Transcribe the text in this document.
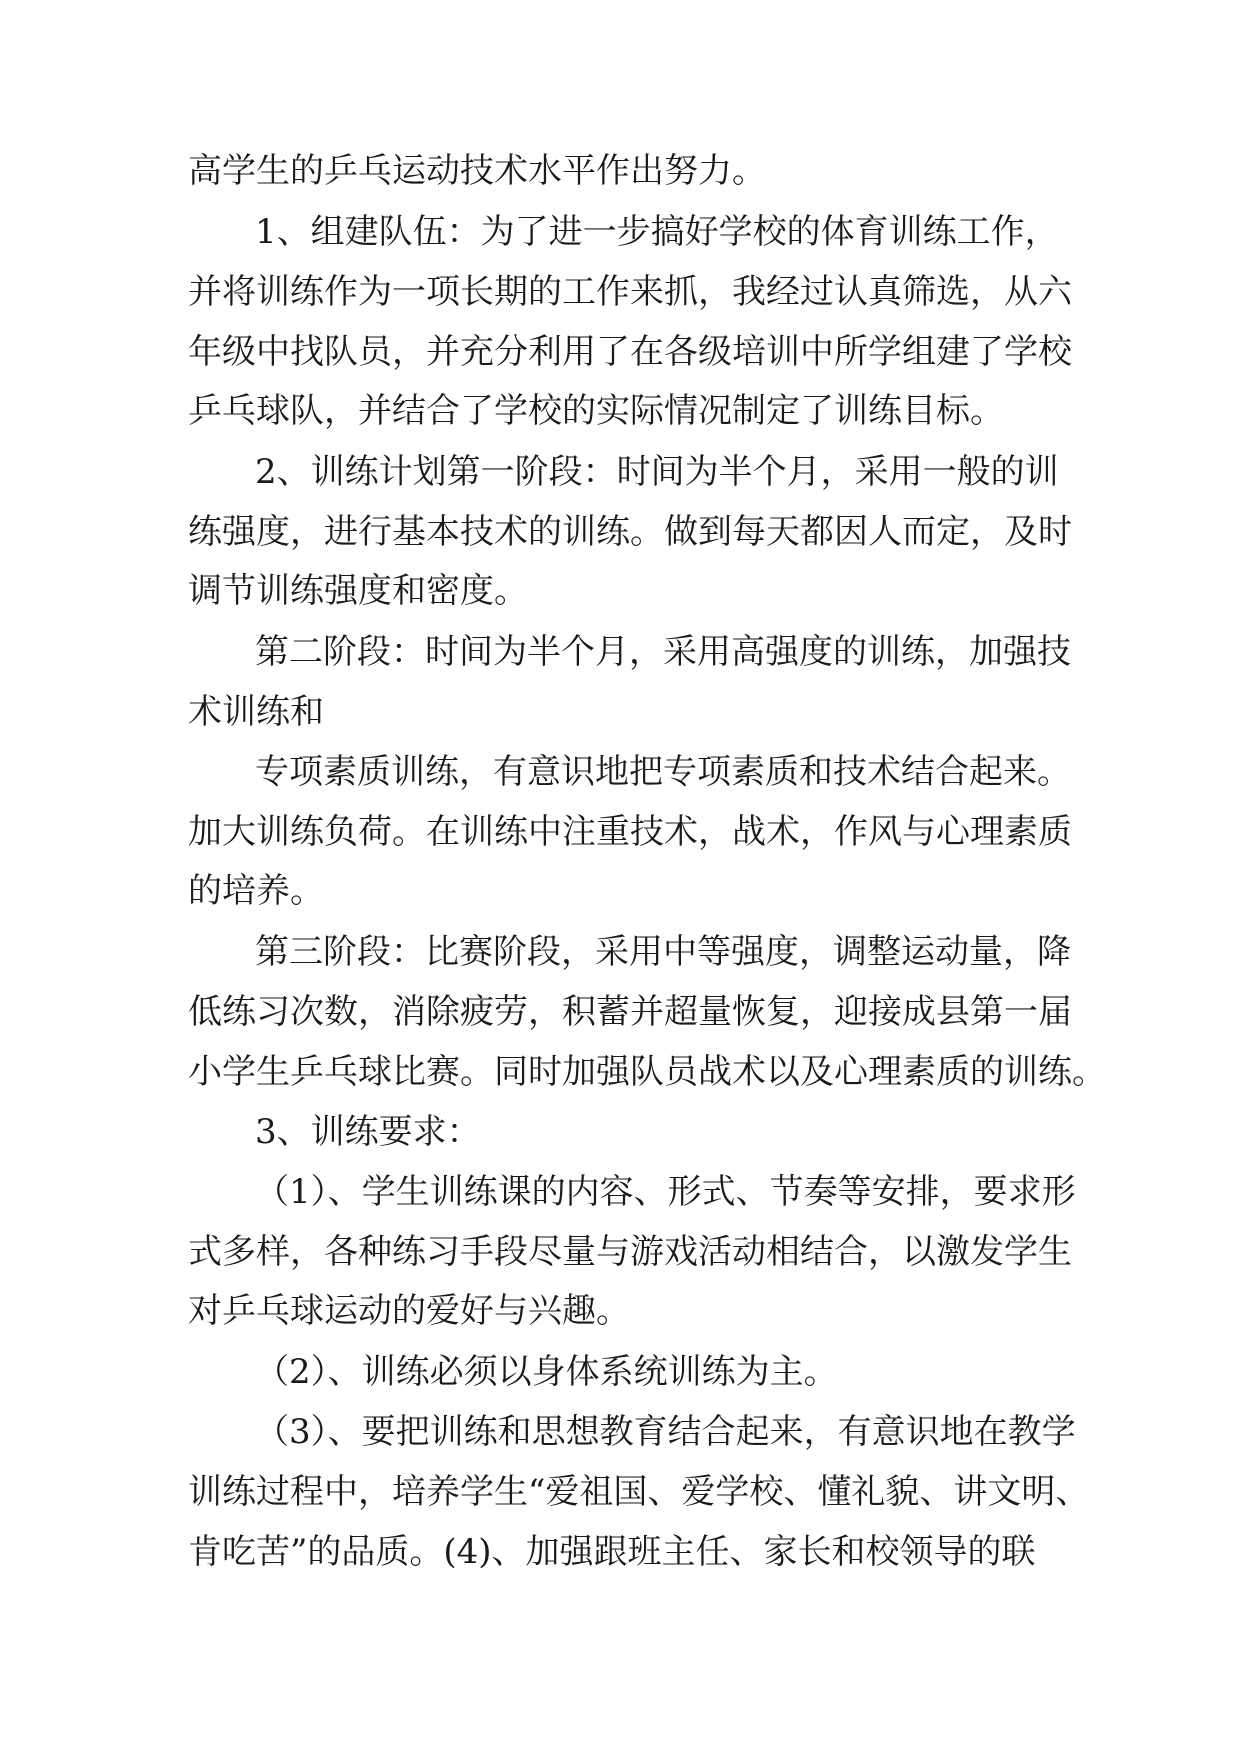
高学生的乒乓运动技术水平作出努力。

1、组建队伍：为了进一步搞好学校的体育训练工作，

并将训练作为一项长期的工作来抓，我经过认真筛选，从六

年级中找队员，并充分利用了在各级培训中所学组建了学校

乒乓球队，并结合了学校的实际情况制定了训练目标。

2、训练计划第一阶段：时间为半个月，采用一般的训

练强度，进行基本技术的训练。做到每天都因人而定，及时

调节训练强度和密度。

第二阶段：时间为半个月，采用高强度的训练，加强技

术训练和

专项素质训练，有意识地把专项素质和技术结合起来。

加大训练负荷。在训练中注重技术，战术，作风与心理素质

的培养。

第三阶段：比赛阶段，采用中等强度，调整运动量，降

低练习次数，消除疲劳，积蓄并超量恢复，迎接成县第一届

小学生乒乓球比赛。同时加强队员战术以及心理素质的训练。

3、训练要求：

（1）、学生训练课的内容、形式、节奏等安排，要求形

式多样，各种练习手段尽量与游戏活动相结合，以激发学生

对乒乓球运动的爱好与兴趣。

（2）、训练必须以身体系统训练为主。

（3）、要把训练和思想教育结合起来，有意识地在教学

训练过程中，培养学生“爱祖国、爱学校、懂礼貌、讲文明、

肯吃苦”的品质。(4)、加强跟班主任、家长和校领导的联
